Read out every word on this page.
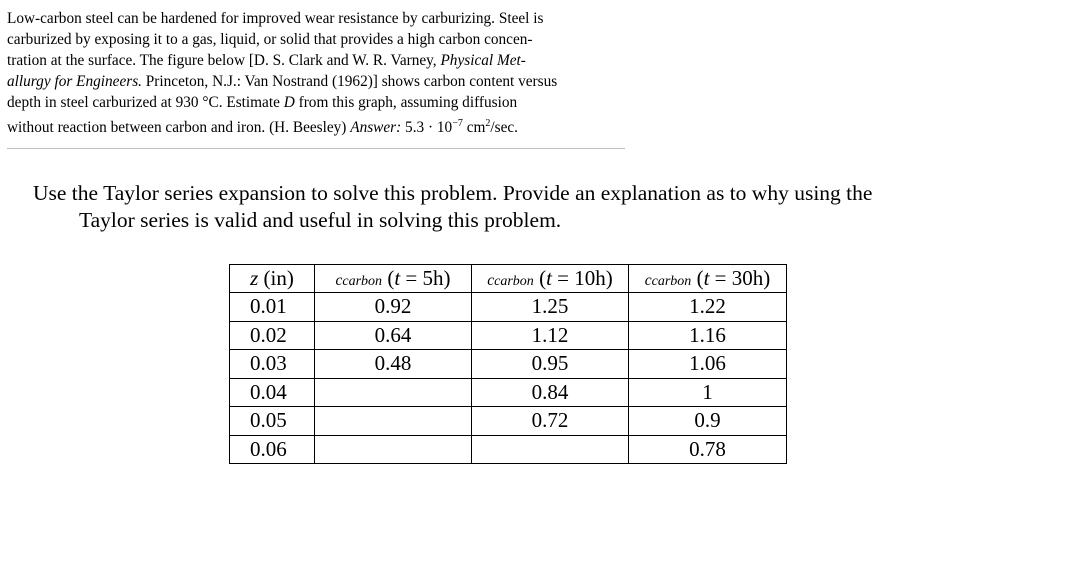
Low-carbon steel can be hardened for improved wear resistance by carburizing. Steel is
carburized by exposing it to a gas, liquid, or solid that provides a high carbon concen-
tration at the surface. The figure below [D. S. Clark and W. R. Varney, Physical Met-
allurgy for Engineers. Princeton, N.J.: Van Nostrand (1962)] shows carbon content versus
depth in steel carburized at 930 °C. Estimate D from this graph, assuming diffusion
without reaction between carbon and iron. (H. Beesley) Answer: $5.3 \cdot 10^{-7}$ $cm^2/\sec$.
Use the Taylor series expansion to solve this problem. Provide an explanation as to why using the
Taylor series is valid and useful in solving this problem.
z (in)	ccarbon (t = 5h)	ccarbon (t = 10h)	ccarbon (t = 30h)
0.01	0.92	1.25	1.22
0.02	0.64	1.12	1.16
0.03	0.48	0.95	1.06
0.04		0.84	1
0.05		0.72	0.9
0.06			0.78
